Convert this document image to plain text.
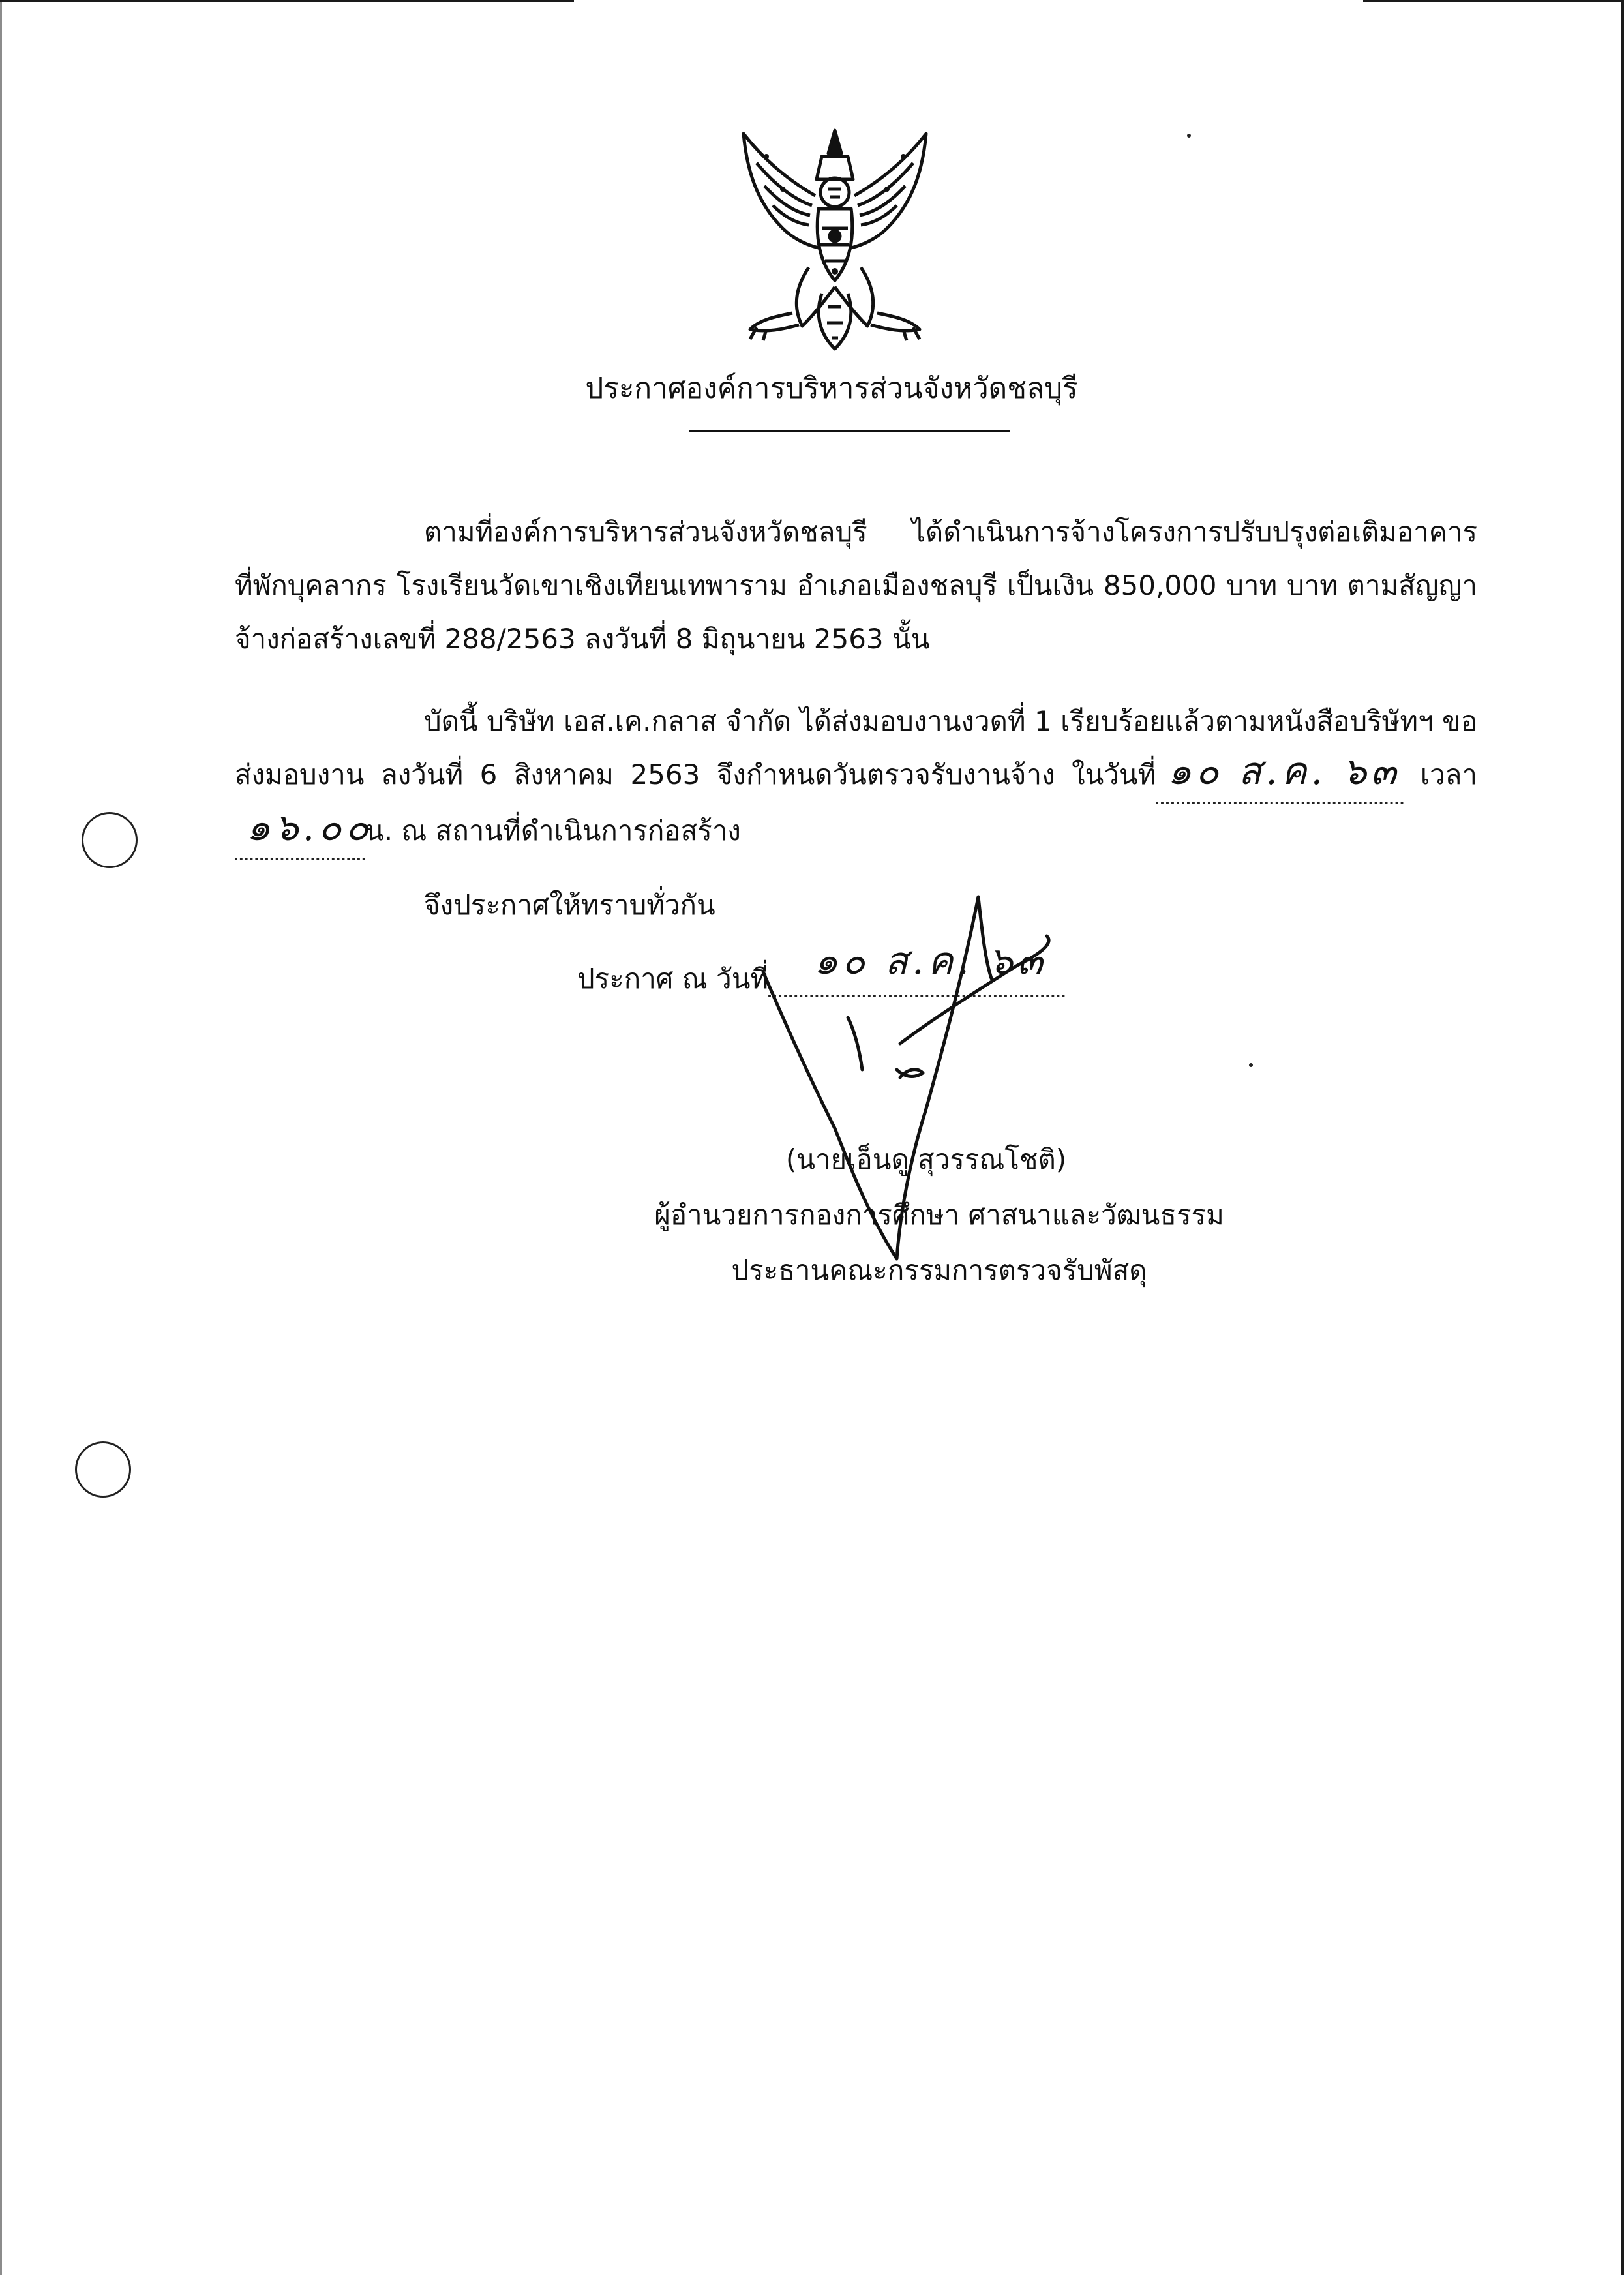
ประกาศองค์การบริหารส่วนจังหวัดชลบุรี
ตามที่องค์การบริหารส่วนจังหวัดชลบุรี ได้ดำเนินการจ้างโครงการปรับปรุงต่อเติมอาคารที่พักบุคลากร โรงเรียนวัดเขาเชิงเทียนเทพาราม อำเภอเมืองชลบุรี เป็นเงิน 850,000 บาท บาท ตามสัญญาจ้างก่อสร้างเลขที่ 288/2563 ลงวันที่ 8 มิถุนายน 2563 นั้น
บัดนี้ บริษัท เอส.เค.กลาส จำกัด ได้ส่งมอบงานงวดที่ 1 เรียบร้อยแล้วตามหนังสือบริษัทฯ ขอส่งมอบงาน ลงวันที่ 6 สิงหาคม 2563 จึงกำหนดวันตรวจรับงานจ้าง ในวันที่ ๑๐ ส.ค. ๖๓ เวลา
๑๖.๐๐
น. ณ สถานที่ดำเนินการก่อสร้าง
จึงประกาศให้ทราบทั่วกัน
ประกาศ ณ วันที่ ๑๐ ส.ค. ๖๓
(นายเอ็นดู สุวรรณโชติ)
ผู้อำนวยการกองการศึกษา ศาสนาและวัฒนธรรม
ประธานคณะกรรมการตรวจรับพัสดุ
